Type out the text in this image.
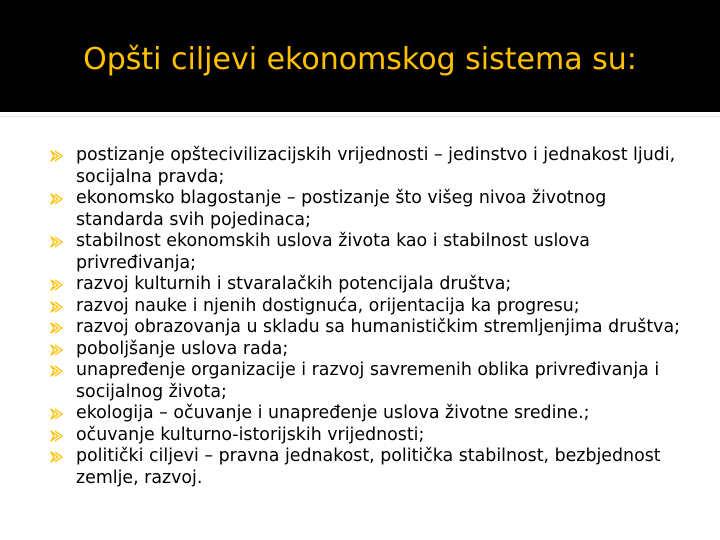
Opšti ciljevi ekonomskog sistema su:
postizanje opštecivilizacijskih vrijednosti – jedinstvo i jednakost ljudi, socijalna pravda;
ekonomsko blagostanje – postizanje što višeg nivoa životnog standarda svih pojedinaca;
stabilnost ekonomskih uslova života kao i stabilnost uslova privređivanja;
razvoj kulturnih i stvaralačkih potencijala društva;
razvoj nauke i njenih dostignuća, orijentacija ka progresu;
razvoj obrazovanja u skladu sa humanističkim stremljenjima društva;
poboljšanje uslova rada;
unapređenje organizacije i razvoj savremenih oblika privređivanja i socijalnog života;
ekologija – očuvanje i unapređenje uslova životne sredine.;
očuvanje kulturno-istorijskih vrijednosti;
politički ciljevi – pravna jednakost, politička stabilnost, bezbjednost zemlje, razvoj.
